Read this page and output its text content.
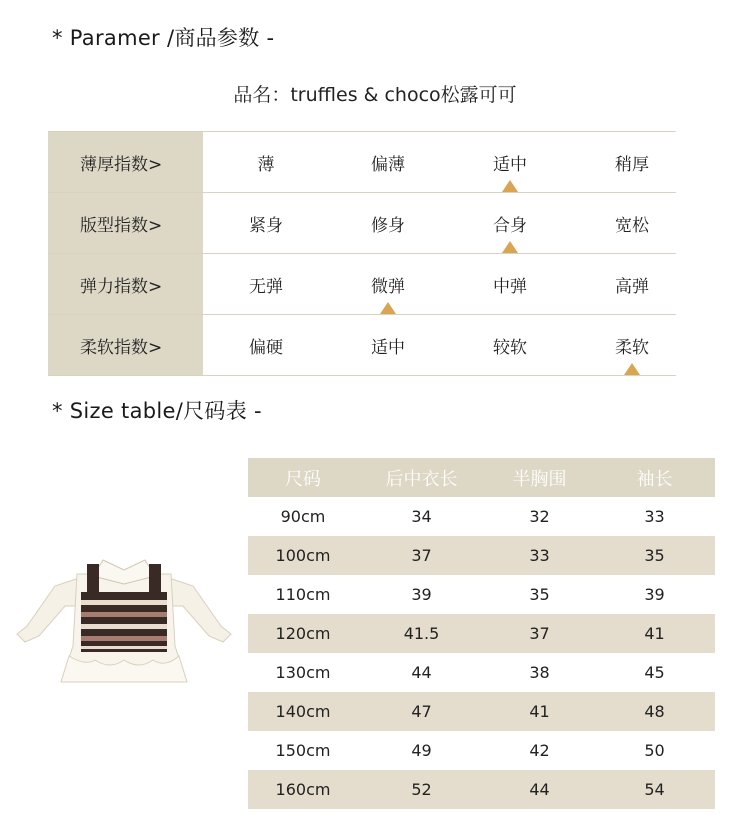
* Paramer /商品参数 -
品名：truffles & choco松露可可
薄厚指数>	薄	偏薄	适中	稍厚
版型指数>	紧身	修身	合身	宽松
弹力指数>	无弹	微弹	中弹	高弹
柔软指数>	偏硬	适中	较软	柔软
* Size table/尺码表 -
尺码	后中衣长	半胸围	袖长
90cm	34	32	33
100cm	37	33	35
110cm	39	35	39
120cm	41.5	37	41
130cm	44	38	45
140cm	47	41	48
150cm	49	42	50
160cm	52	44	54
